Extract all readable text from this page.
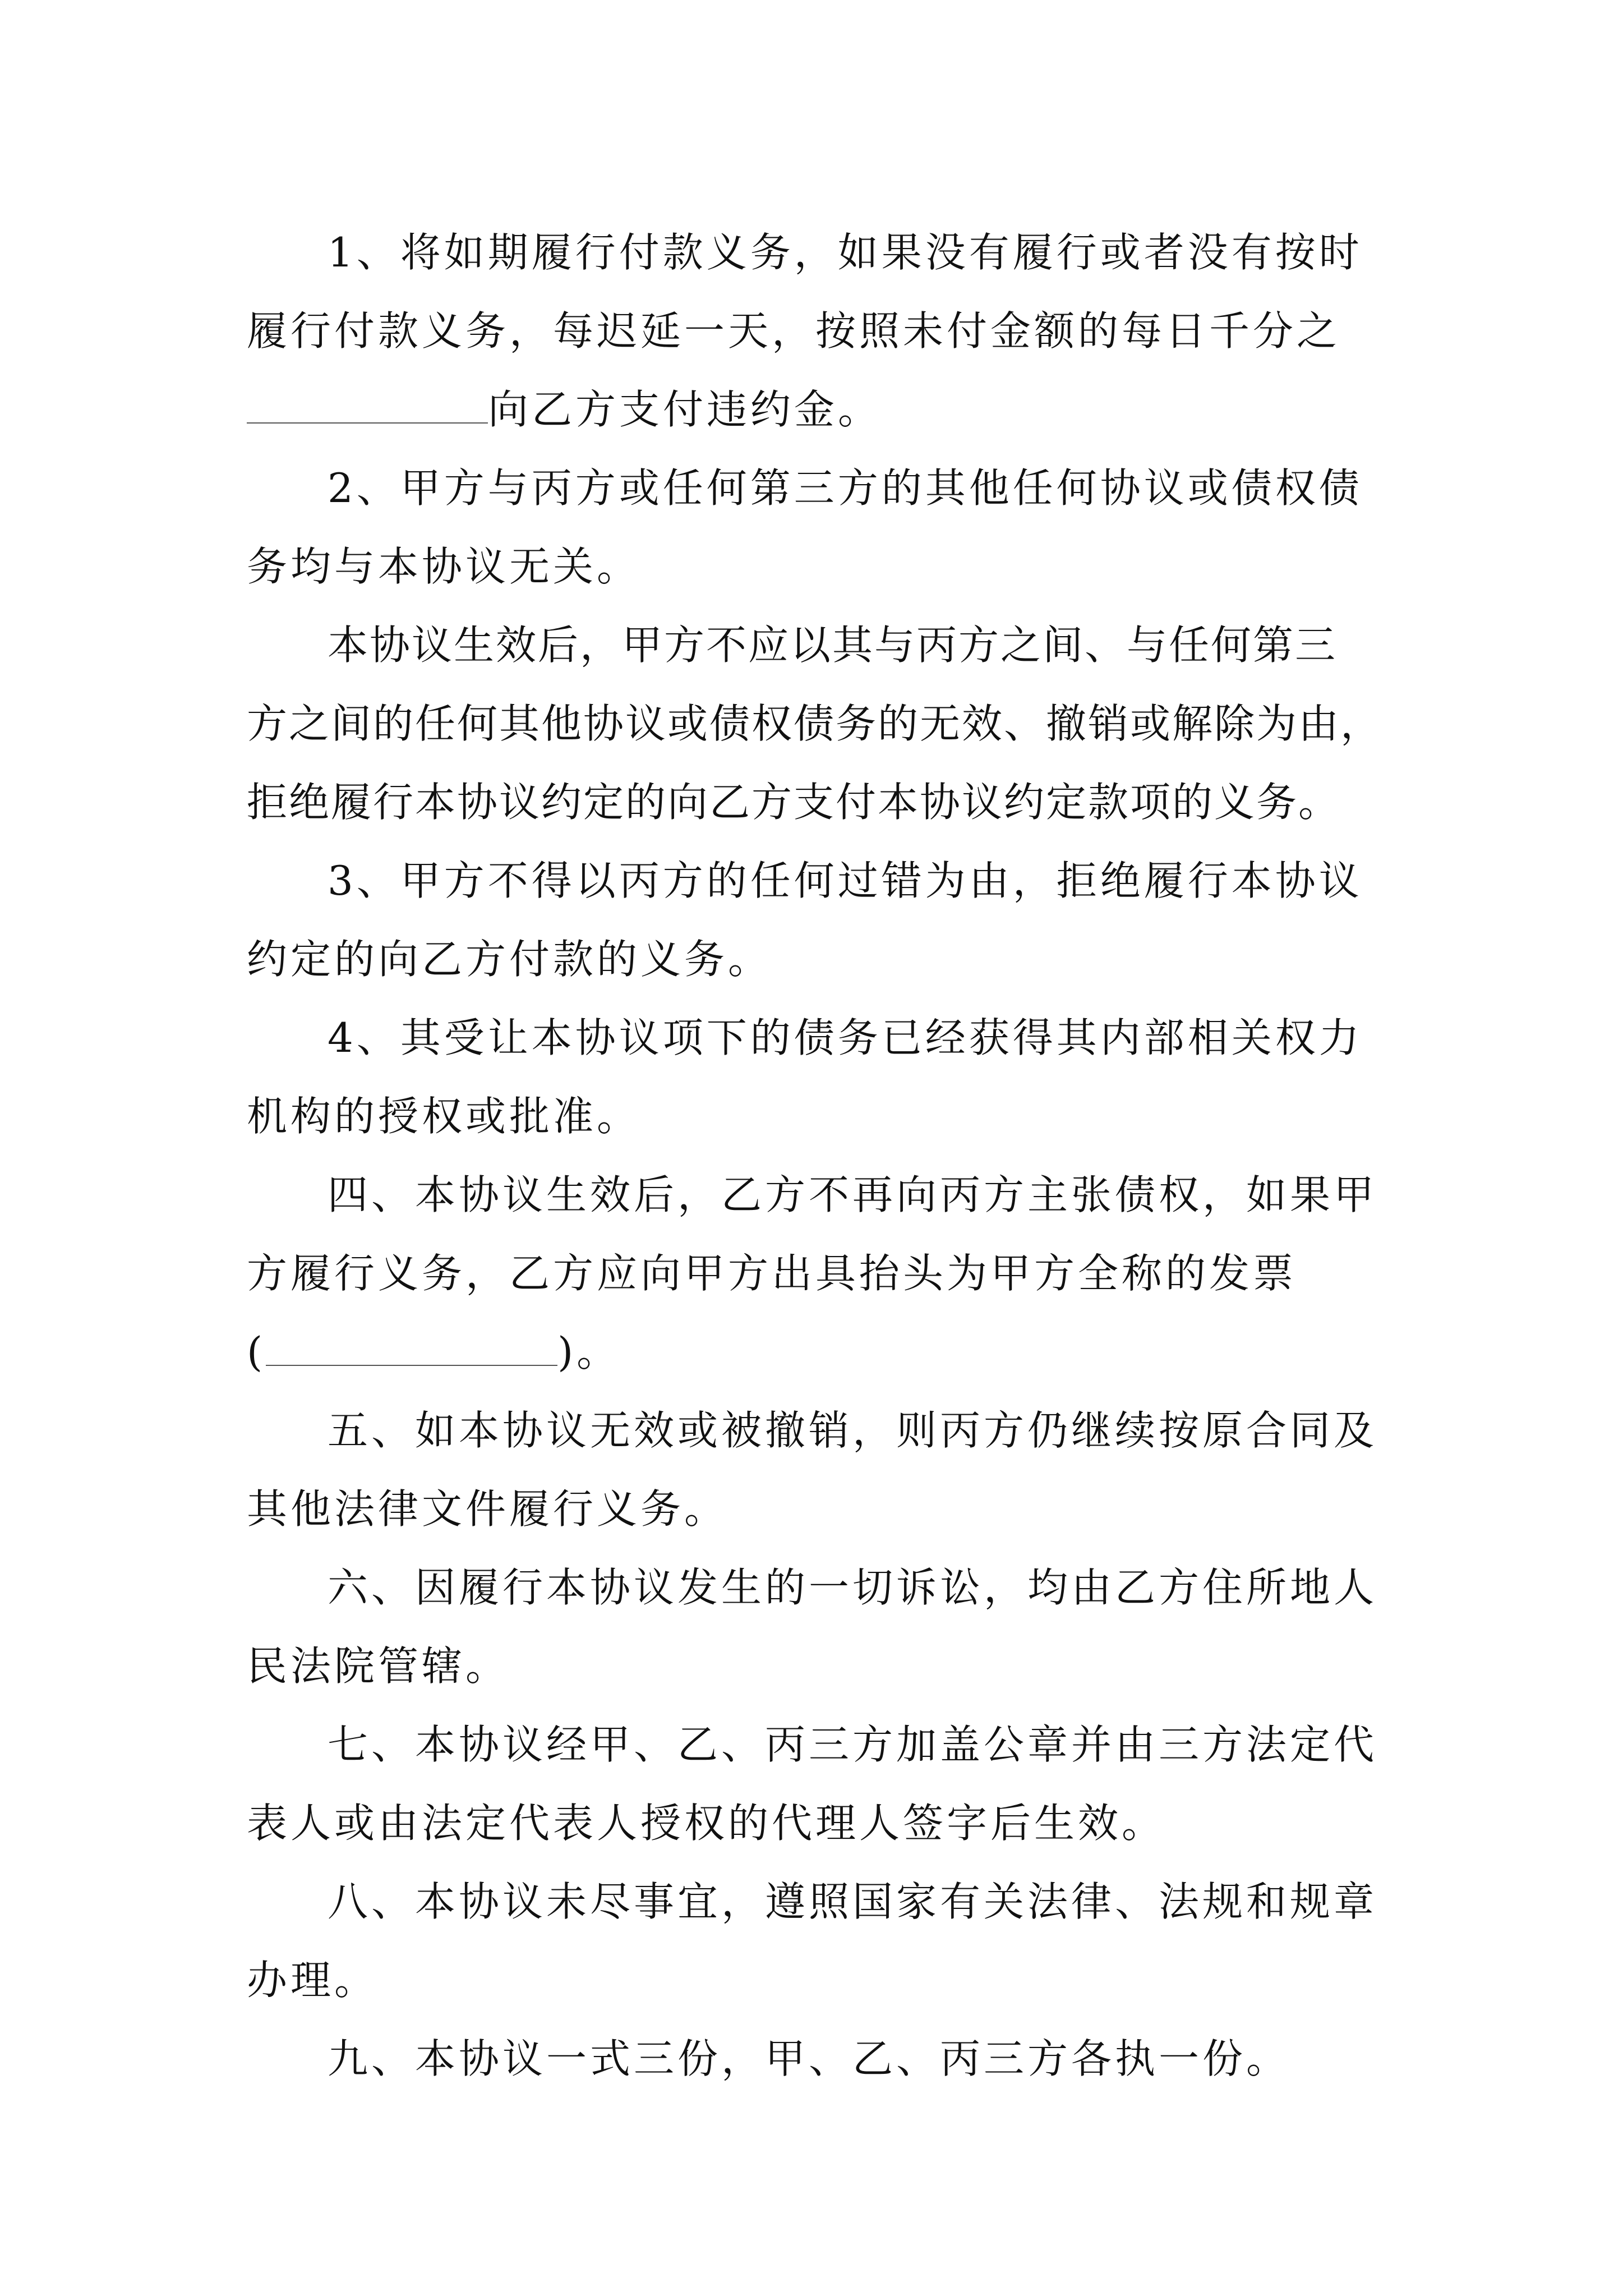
1、将如期履行付款义务，如果没有履行或者没有按时
履行付款义务，每迟延一天，按照未付金额的每日千分之
向乙方支付违约金。
2、甲方与丙方或任何第三方的其他任何协议或债权债
务均与本协议无关。
本协议生效后，甲方不应以其与丙方之间、与任何第三
方之间的任何其他协议或债权债务的无效、撤销或解除为由，
拒绝履行本协议约定的向乙方支付本协议约定款项的义务。
3、甲方不得以丙方的任何过错为由，拒绝履行本协议
约定的向乙方付款的义务。
4、其受让本协议项下的债务已经获得其内部相关权力
机构的授权或批准。
四、本协议生效后，乙方不再向丙方主张债权，如果甲
方履行义务，乙方应向甲方出具抬头为甲方全称的发票
(	)。
五、如本协议无效或被撤销，则丙方仍继续按原合同及
其他法律文件履行义务。
六、因履行本协议发生的一切诉讼，均由乙方住所地人
民法院管辖。
七、本协议经甲、乙、丙三方加盖公章并由三方法定代
表人或由法定代表人授权的代理人签字后生效。
八、本协议未尽事宜，遵照国家有关法律、法规和规章
办理。
九、本协议一式三份，甲、乙、丙三方各执一份。
